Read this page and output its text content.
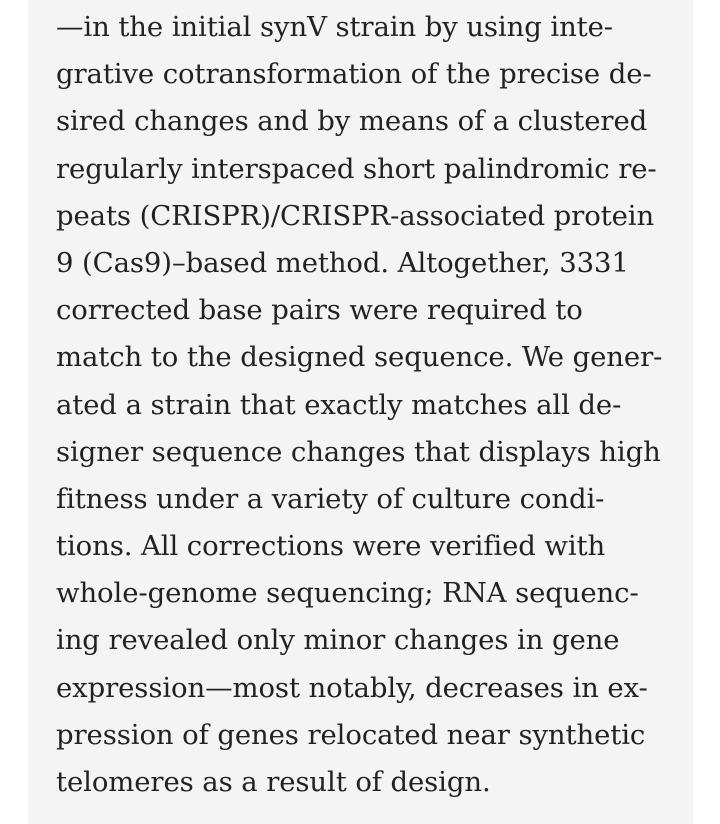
—in the initial synV strain by using inte-
grative cotransformation of the precise de-
sired changes and by means of a clustered
regularly interspaced short palindromic re-
peats (CRISPR)/CRISPR-associated protein
9 (Cas9)–based method. Altogether, 3331
corrected base pairs were required to
match to the designed sequence. We gener-
ated a strain that exactly matches all de-
signer sequence changes that displays high
fitness under a variety of culture condi-
tions. All corrections were verified with
whole-genome sequencing; RNA sequenc-
ing revealed only minor changes in gene
expression—most notably, decreases in ex-
pression of genes relocated near synthetic
telomeres as a result of design.
